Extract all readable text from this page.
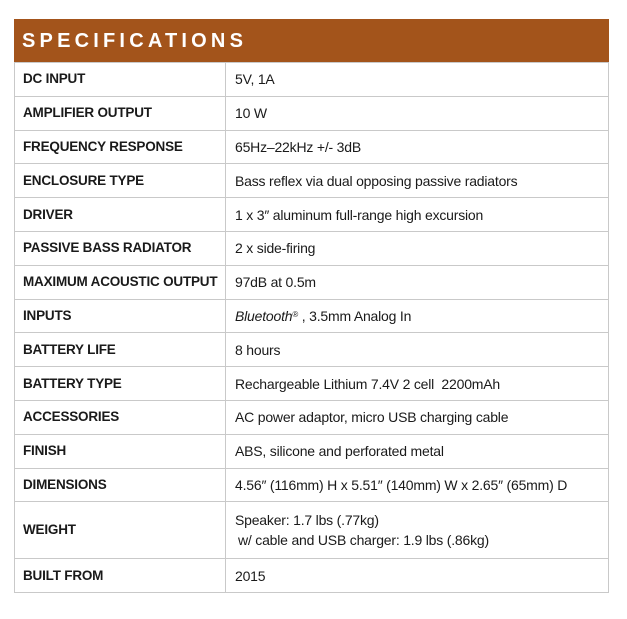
SPECIFICATIONS
DC INPUT	5V, 1A
AMPLIFIER OUTPUT	10 W
FREQUENCY RESPONSE	65Hz–22kHz +/- 3dB
ENCLOSURE TYPE	Bass reflex via dual opposing passive radiators
DRIVER	1 x 3″ aluminum full-range high excursion
PASSIVE BASS RADIATOR	2 x side-firing
MAXIMUM ACOUSTIC OUTPUT	97dB at 0.5m
INPUTS	Bluetooth® , 3.5mm Analog In
BATTERY LIFE	8 hours
BATTERY TYPE	Rechargeable Lithium 7.4V 2 cell  2200mAh
ACCESSORIES	AC power adaptor, micro USB charging cable
FINISH	ABS, silicone and perforated metal
DIMENSIONS	4.56″ (116mm) H x 5.51″ (140mm) W x 2.65″ (65mm) D
WEIGHT	Speaker: 1.7 lbs (.77kg)
w/ cable and USB charger: 1.9 lbs (.86kg)

BUILT FROM	2015
